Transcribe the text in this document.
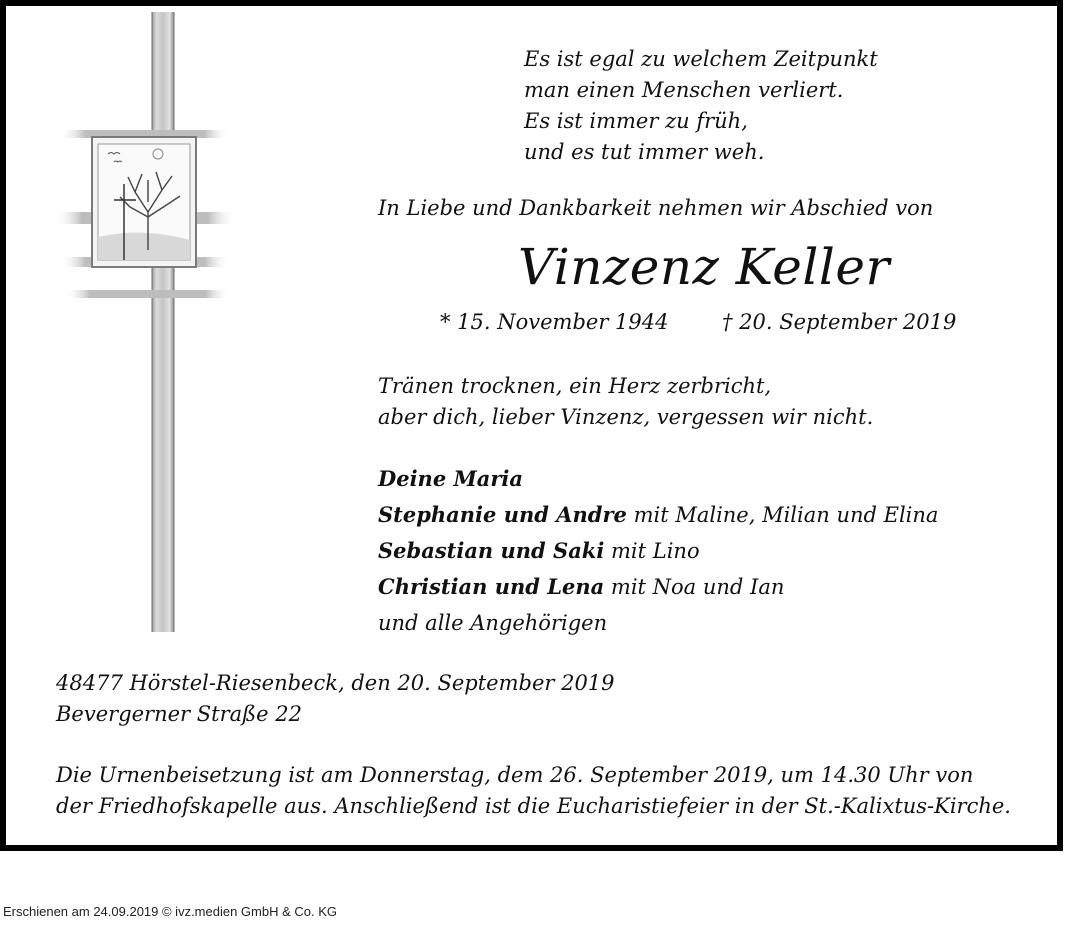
Es ist egal zu welchem Zeitpunkt
man einen Menschen verliert.
Es ist immer zu früh,
und es tut immer weh.
In Liebe und Dankbarkeit nehmen wir Abschied von
Vinzenz Keller
* 15. November 1944	† 20. September 2019
Tränen trocknen, ein Herz zerbricht,
aber dich, lieber Vinzenz, vergessen wir nicht.
Deine Maria
Stephanie und Andre mit Maline, Milian und Elina
Sebastian und Saki mit Lino
Christian und Lena mit Noa und Ian
und alle Angehörigen
48477 Hörstel-Riesenbeck, den 20. September 2019
Bevergerner Straße 22
Die Urnenbeisetzung ist am Donnerstag, dem 26. September 2019, um 14.30 Uhr von
der Friedhofskapelle aus. Anschließend ist die Eucharistiefeier in der St.-Kalixtus-Kirche.
Erschienen am 24.09.2019 © ivz.medien GmbH & Co. KG
